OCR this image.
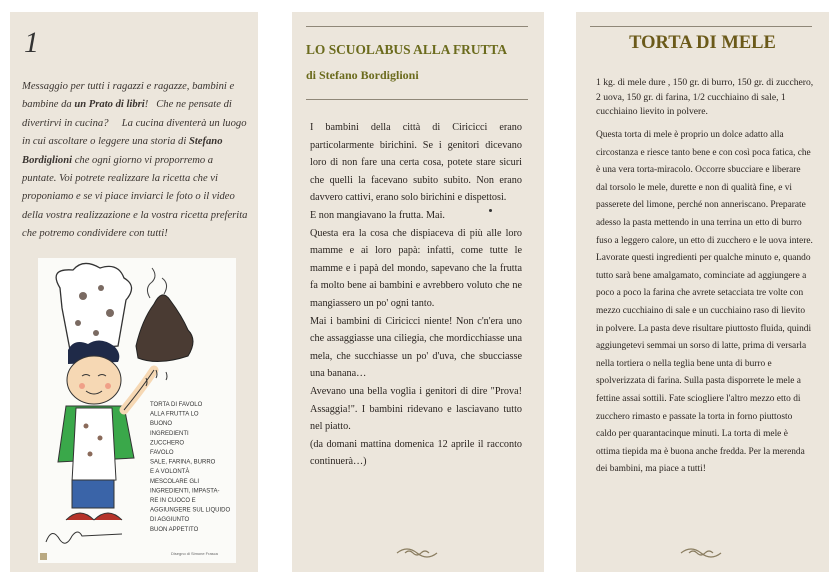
1
Messaggio per tutti i ragazzi e ragazze, bambini e bambine da un Prato di libri!   Che ne pensate di divertirvi in cucina?     La cucina diventerà un luogo in cui ascoltare o leggere una storia di Stefano Bordiglioni che ogni giorno vi proporremo a puntate. Voi potrete realizzare la ricetta che vi proponiamo e se vi piace inviarci le foto o il video della vostra realizzazione e la vostra ricetta preferita che potremo condividere con tutti!
TORTA DI FAVOLO
ALLA FRUTTA LO
BUONO
INGREDIENTI
ZUCCHERO
FAVOLO
SALE, FARINA, BURRO
E A VOLONTÀ
MESCOLARE GLI
INGREDIENTI, IMPASTA-
RE IN CUOCO E
AGGIUNGERE SUL LIQUIDO
DI AGGIUNTO
BUON APPETITO
Disegno di Simone Frasca
LO SCUOLABUS ALLA FRUTTA
di Stefano Bordiglioni

I bambini della città di Ciricicci erano particolarmente birichini. Se i genitori dicevano loro di non fare una certa cosa, potete stare sicuri che quelli la facevano subito subito. Non erano davvero cattivi, erano solo birichini e dispettosi.

E non mangiavano la frutta. Mai.

Questa era la cosa che dispiaceva di più alle loro mamme e ai loro papà: infatti, come tutte le mamme e i papà del mondo, sapevano che la frutta fa molto bene ai bambini e avrebbero voluto che ne mangiassero un po' ogni tanto.

Mai i bambini di Ciricicci niente! Non c'n'era uno che assaggiasse una ciliegia, che mordicchiasse una mela, che succhiasse un po' d'uva, che sbucciasse una banana…

Avevano una bella voglia i genitori di dire "Prova! Assaggia!". I bambini ridevano e lasciavano tutto nel piatto.

(da domani mattina domenica 12 aprile il racconto continuerà…)

TORTA DI MELE
1 kg. di mele dure , 150 gr. di burro, 150 gr. di zucchero, 2 uova, 150 gr. di farina, 1/2 cucchiaino di sale, 1 cucchiaino lievito in polvere.

Questa torta di mele è proprio un dolce adatto alla circostanza e riesce tanto bene e con così poca fatica, che è una vera torta-miracolo. Occorre sbucciare e liberare dal torsolo le mele, durette e non di qualità fine, e vi passerete del limone, perché non anneriscano. Preparate adesso la pasta mettendo in una terrina un etto di burro fuso a leggero calore, un etto di zucchero e le uova intere. Lavorate questi ingredienti per qualche minuto e, quando tutto sarà bene amalgamato, cominciate ad aggiungere a poco a poco la farina che avrete setacciata tre volte con mezzo cucchiaino di sale e un cucchiaino raso di lievito in polvere. La pasta deve risultare piuttosto fluida, quindi aggiungetevi semmai un sorso di latte, prima di versarla nella tortiera o nella teglia bene unta di burro e spolverizzata di farina. Sulla pasta disporrete le mele a fettine assai sottili. Fate sciogliere l'altro mezzo etto di zucchero rimasto e passate la torta in forno piuttosto caldo per quarantacinque minuti. La torta di mele è ottima tiepida ma è buona anche fredda. Per la merenda dei bambini, ma piace a tutti!
